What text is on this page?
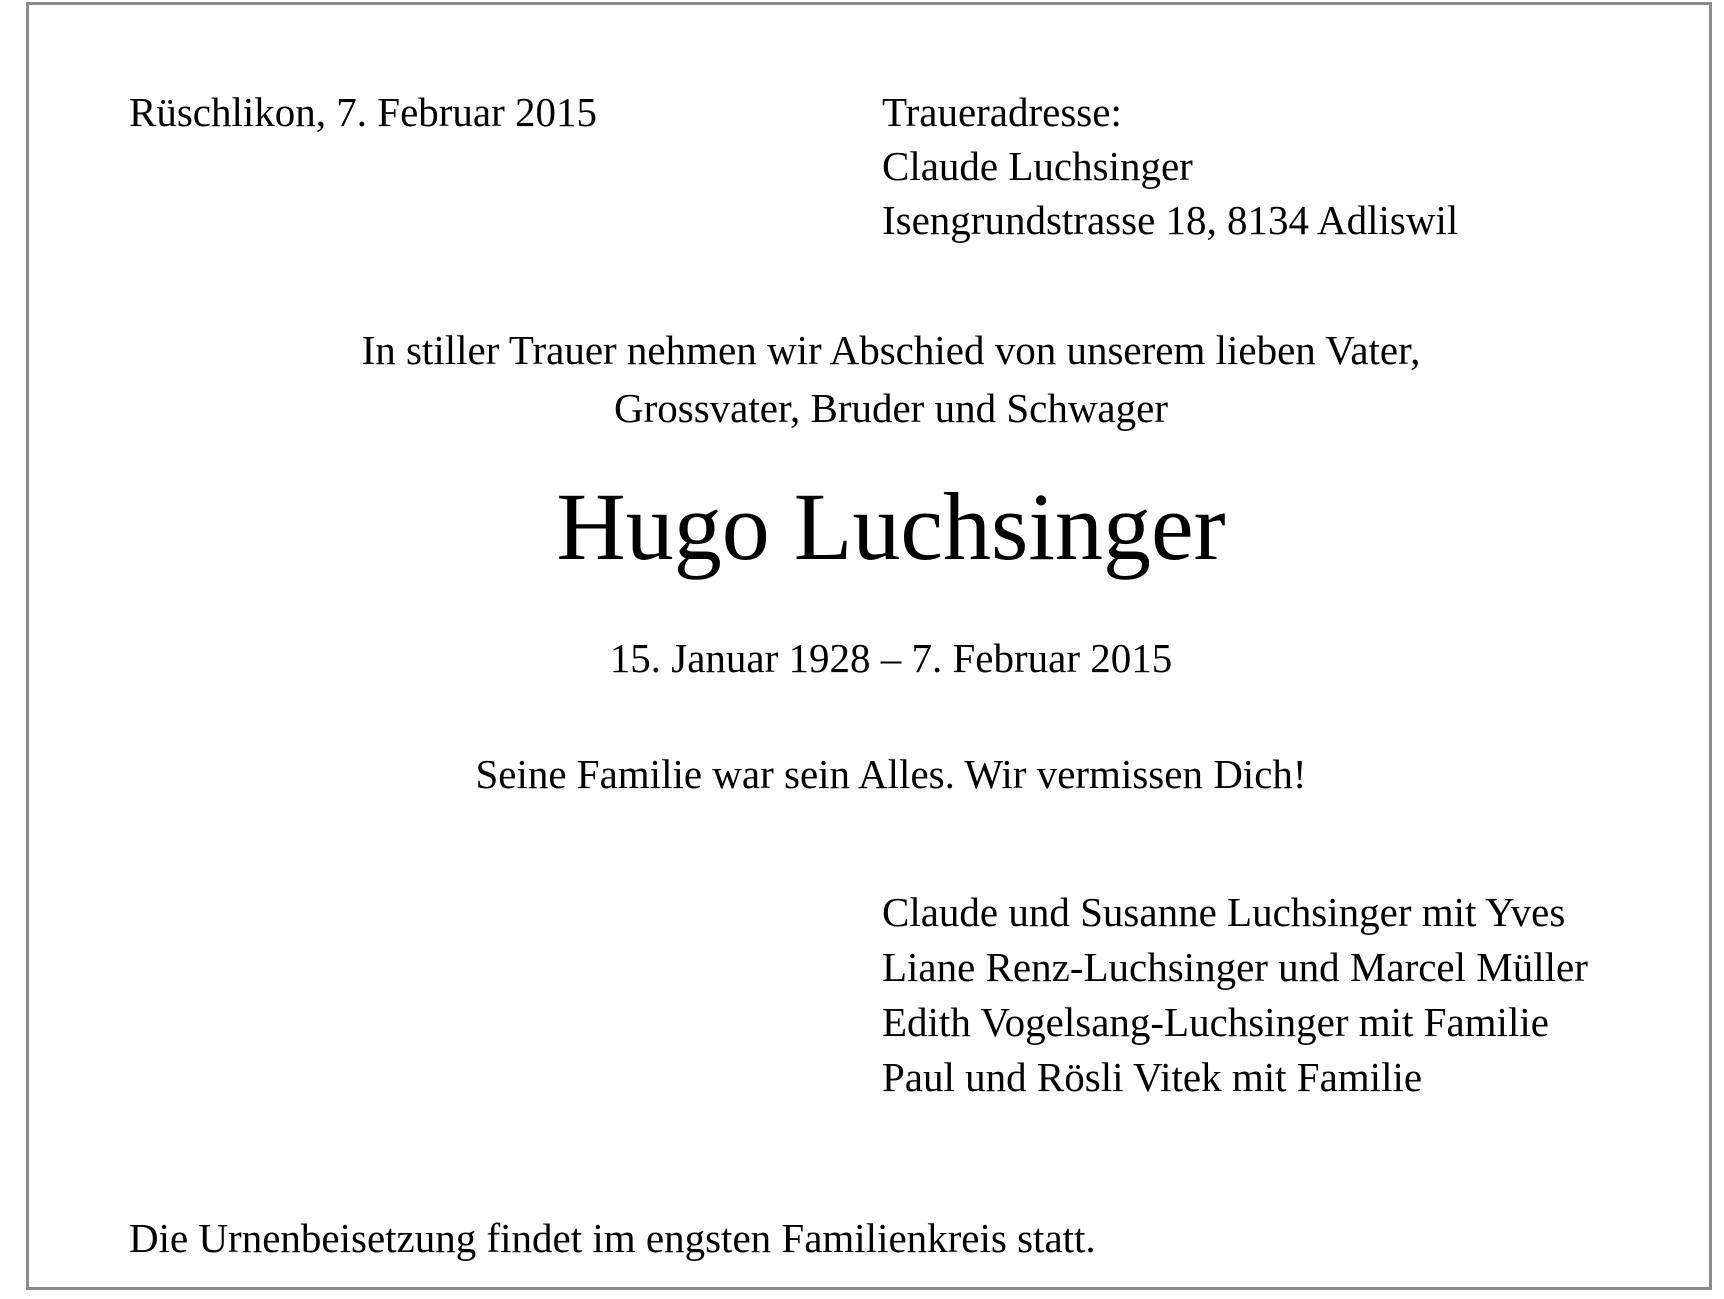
Rüschlikon, 7. Februar 2015	Traueradresse:
Claude Luchsinger
Isengrundstrasse 18, 8134 Adliswil
In stiller Trauer nehmen wir Abschied von unserem lieben Vater,
Grossvater, Bruder und Schwager
Hugo Luchsinger
15. Januar 1928 – 7. Februar 2015
Seine Familie war sein Alles. Wir vermissen Dich!
Claude und Susanne Luchsinger mit Yves
Liane Renz-Luchsinger und Marcel Müller
Edith Vogelsang-Luchsinger mit Familie
Paul und Rösli Vitek mit Familie
Die Urnenbeisetzung findet im engsten Familienkreis statt.
